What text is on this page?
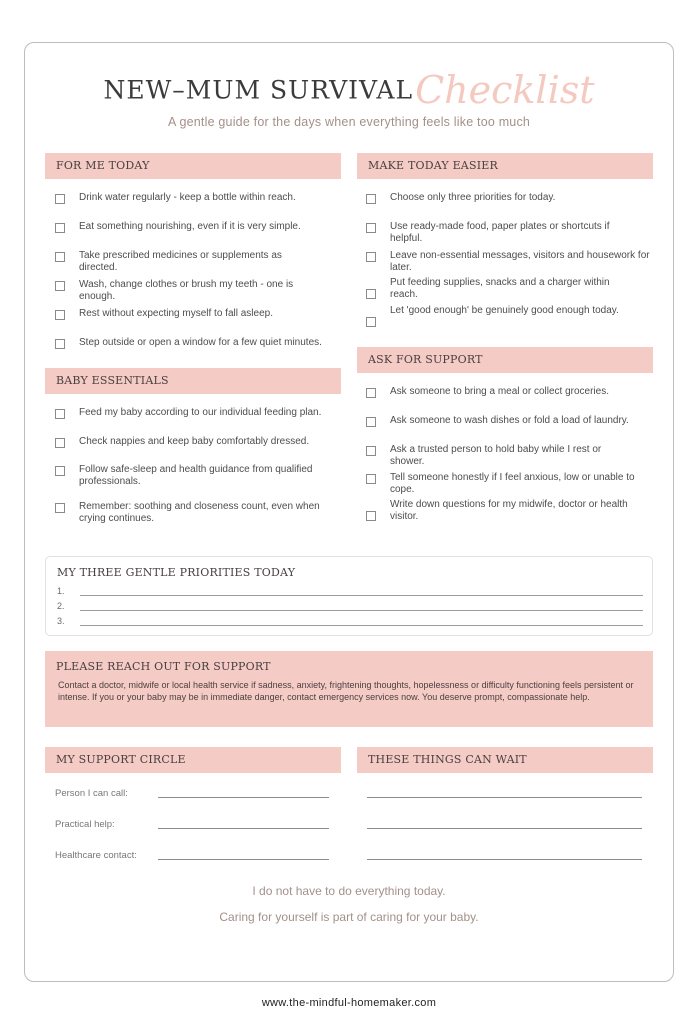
NEW–MUM SURVIVALChecklist
A gentle guide for the days when everything feels like too much
FOR ME TODAY
Drink water regularly - keep a bottle within reach.
Eat something nourishing, even if it is very simple.
Take prescribed medicines or supplements as directed.
Wash, change clothes or brush my teeth - one is enough.
Rest without expecting myself to fall asleep.
Step outside or open a window for a few quiet minutes.
BABY ESSENTIALS
Feed my baby according to our individual feeding plan.
Check nappies and keep baby comfortably dressed.
Follow safe-sleep and health guidance from qualified professionals.
Remember: soothing and closeness count, even when crying continues.
MAKE TODAY EASIER
Choose only three priorities for today.
Use ready-made food, paper plates or shortcuts if helpful.
Leave non-essential messages, visitors and housework for later.
Put feeding supplies, snacks and a charger within reach.
Let 'good enough' be genuinely good enough today.
ASK FOR SUPPORT
Ask someone to bring a meal or collect groceries.
Ask someone to wash dishes or fold a load of laundry.
Ask a trusted person to hold baby while I rest or shower.
Tell someone honestly if I feel anxious, low or unable to cope.
Write down questions for my midwife, doctor or health visitor.
MY THREE GENTLE PRIORITIES TODAY
1.
2.
3.
PLEASE REACH OUT FOR SUPPORT
Contact a doctor, midwife or local health service if sadness, anxiety, frightening thoughts, hopelessness or difficulty functioning feels persistent or intense. If you or your baby may be in immediate danger, contact emergency services now. You deserve prompt, compassionate help.
MY SUPPORT CIRCLE
Person I can call:
Practical help:
Healthcare contact:
THESE THINGS CAN WAIT
I do not have to do everything today.
Caring for yourself is part of caring for your baby.
www.the-mindful-homemaker.com
